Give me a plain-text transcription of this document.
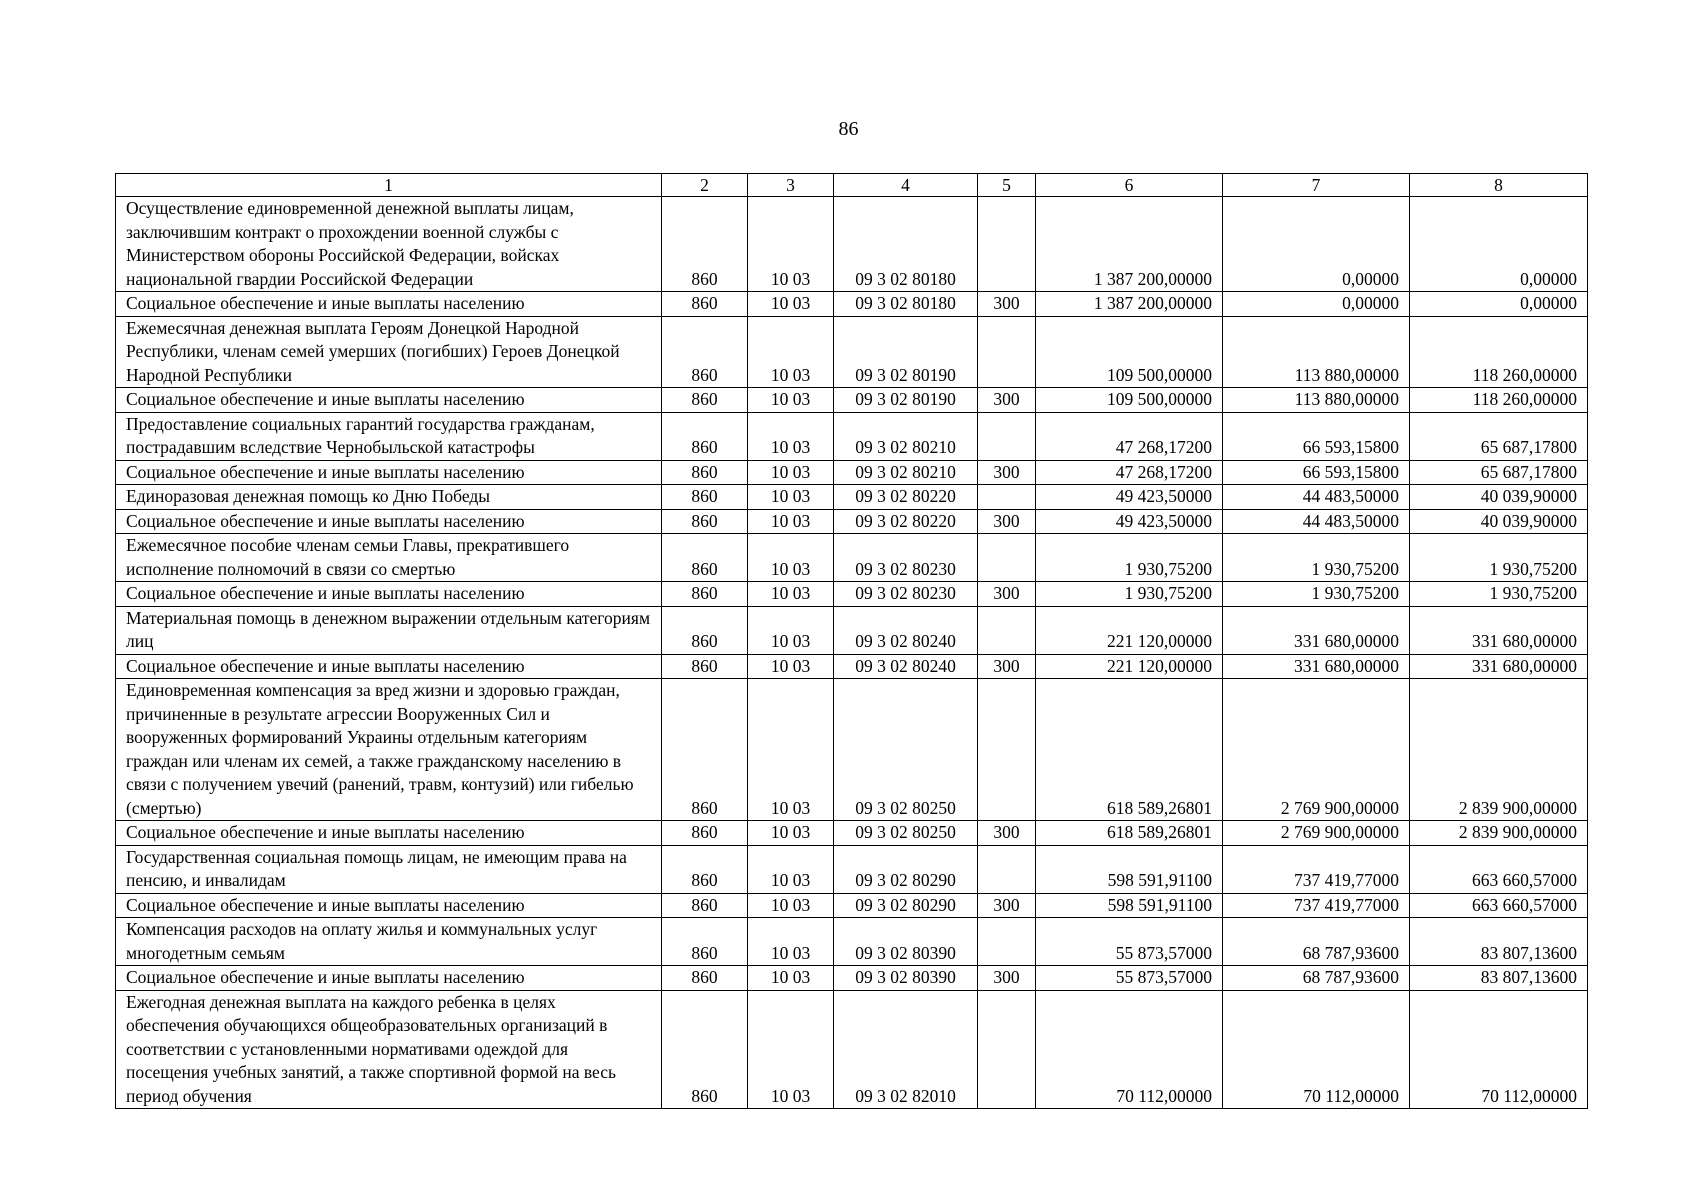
86
1	2	3	4	5	6	7	8
Осуществление единовременной денежной выплаты лицам, заключившим контракт о прохождении военной службы с Министерством обороны Российской Федерации, войсках национальной гвардии Российской Федерации	860	10 03	09 3 02 80180		1 387 200,00000	0,00000	0,00000
Социальное обеспечение и иные выплаты населению	860	10 03	09 3 02 80180	300	1 387 200,00000	0,00000	0,00000
Ежемесячная денежная выплата Героям Донецкой Народной Республики, членам семей умерших (погибших) Героев Донецкой Народной Республики	860	10 03	09 3 02 80190		109 500,00000	113 880,00000	118 260,00000
Социальное обеспечение и иные выплаты населению	860	10 03	09 3 02 80190	300	109 500,00000	113 880,00000	118 260,00000
Предоставление социальных гарантий государства гражданам, пострадавшим вследствие Чернобыльской катастрофы	860	10 03	09 3 02 80210		47 268,17200	66 593,15800	65 687,17800
Социальное обеспечение и иные выплаты населению	860	10 03	09 3 02 80210	300	47 268,17200	66 593,15800	65 687,17800
Единоразовая денежная помощь ко Дню Победы	860	10 03	09 3 02 80220		49 423,50000	44 483,50000	40 039,90000
Социальное обеспечение и иные выплаты населению	860	10 03	09 3 02 80220	300	49 423,50000	44 483,50000	40 039,90000
Ежемесячное пособие членам семьи Главы, прекратившего исполнение полномочий в связи со смертью	860	10 03	09 3 02 80230		1 930,75200	1 930,75200	1 930,75200
Социальное обеспечение и иные выплаты населению	860	10 03	09 3 02 80230	300	1 930,75200	1 930,75200	1 930,75200
Материальная помощь в денежном выражении отдельным категориям лиц	860	10 03	09 3 02 80240		221 120,00000	331 680,00000	331 680,00000
Социальное обеспечение и иные выплаты населению	860	10 03	09 3 02 80240	300	221 120,00000	331 680,00000	331 680,00000
Единовременная компенсация за вред жизни и здоровью граждан, причиненные в результате агрессии Вооруженных Сил и вооруженных формирований Украины отдельным категориям граждан или членам их семей, а также гражданскому населению в связи с получением увечий (ранений, травм, контузий) или гибелью (смертью)	860	10 03	09 3 02 80250		618 589,26801	2 769 900,00000	2 839 900,00000
Социальное обеспечение и иные выплаты населению	860	10 03	09 3 02 80250	300	618 589,26801	2 769 900,00000	2 839 900,00000
Государственная социальная помощь лицам, не имеющим права на пенсию, и инвалидам	860	10 03	09 3 02 80290		598 591,91100	737 419,77000	663 660,57000
Социальное обеспечение и иные выплаты населению	860	10 03	09 3 02 80290	300	598 591,91100	737 419,77000	663 660,57000
Компенсация расходов на оплату жилья и коммунальных услуг многодетным семьям	860	10 03	09 3 02 80390		55 873,57000	68 787,93600	83 807,13600
Социальное обеспечение и иные выплаты населению	860	10 03	09 3 02 80390	300	55 873,57000	68 787,93600	83 807,13600
Ежегодная денежная выплата на каждого ребенка в целях обеспечения обучающихся общеобразовательных организаций в соответствии с установленными нормативами одеждой для посещения учебных занятий, а также спортивной формой на весь период обучения	860	10 03	09 3 02 82010		70 112,00000	70 112,00000	70 112,00000
